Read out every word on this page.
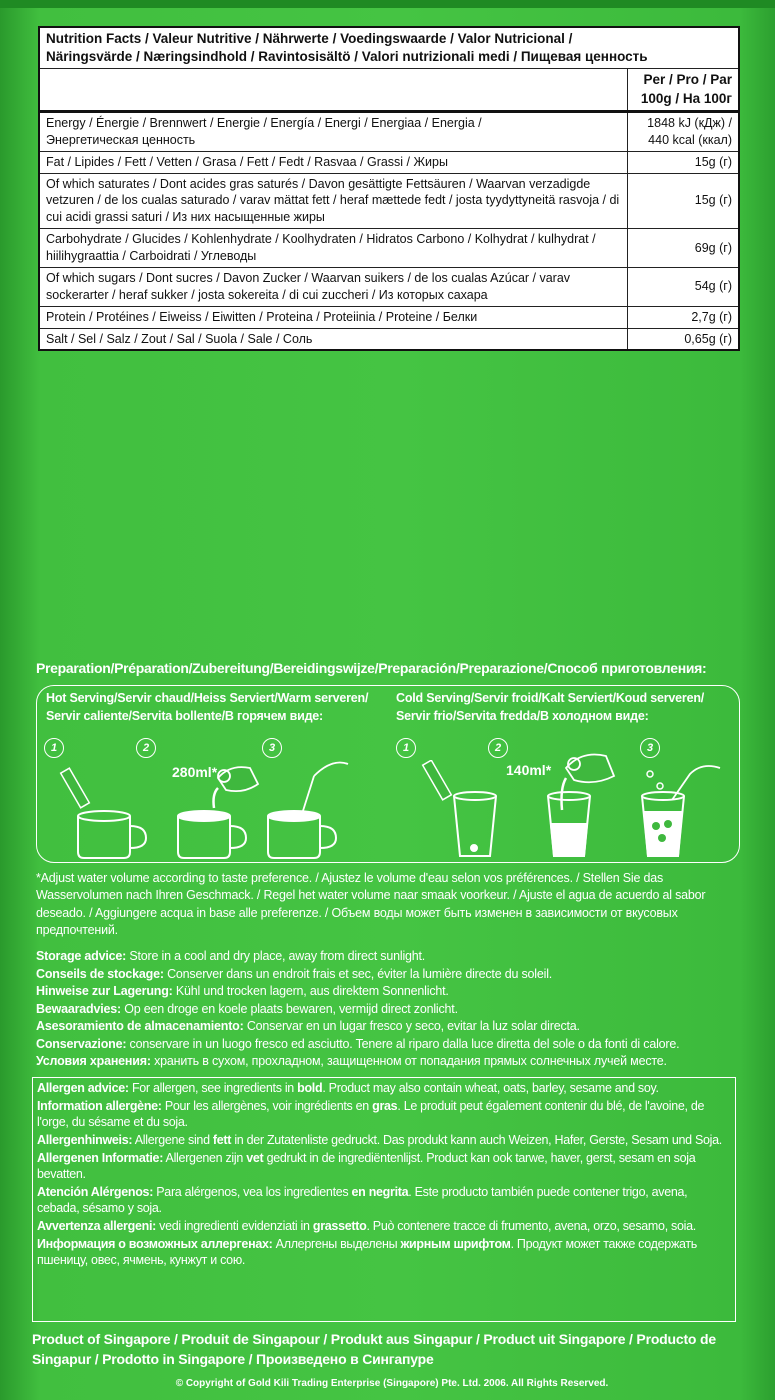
Nutrition Facts / Valeur Nutritive / Nährwerte / Voedingswaarde / Valor Nutricional /
Näringsvärde / Næringsindhold / Ravintosisältö / Valori nutrizionali medi / Пищевая ценность	

	Per / Pro / Par
100g / На 100г

Energy / Énergie / Brennwert / Energie / Energía / Energi / Energiaa / Energia / Энергетическая ценность	1848 kJ (кДж) / 440 kcal (ккал)
Fat / Lipides / Fett / Vetten / Grasa / Fett / Fedt / Rasvaa / Grassi / Жиры	15g (г)
Of which saturates / Dont acides gras saturés / Davon gesättigte Fettsäuren / Waarvan verzadigde vetzuren / de los cualas saturado / varav mättat fett / heraf mættede fedt / josta tyydyttyneitä rasvoja / di cui acidi grassi saturi / Из них насыщенные жиры	15g (г)
Carbohydrate / Glucides / Kohlenhydrate / Koolhydraten / Hidratos Carbono / Kolhydrat / kulhydrat / hiilihygraattia / Carboidrati / Углеводы	69g (г)
Of which sugars / Dont sucres / Davon Zucker / Waarvan suikers / de los cualas Azúcar / varav sockerarter / heraf sukker / josta sokereita / di cui zuccheri / Из которых сахара	54g (г)
Protein / Protéines / Eiweiss / Eiwitten / Proteina / Proteiinia / Proteine / Белки	2,7g (г)
Salt / Sel / Salz / Zout / Sal / Suola / Sale / Соль	0,65g (г)
Preparation/Préparation/Zubereitung/Bereidingswijze/Preparación/Preparazione/Способ приготовления:
Hot Serving/Servir chaud/Heiss Serviert/Warm serveren/
Servir caliente/Servita bollente/В горячем виде:
Cold Serving/Servir froid/Kalt Serviert/Koud serveren/
Servir frio/Servita fredda/В холодном виде:
1	2	3
280ml*
1	2	3
140ml*
*Adjust water volume according to taste preference. / Ajustez le volume d'eau selon vos préférences. / Stellen Sie das Wasservolumen nach Ihren Geschmack. / Regel het water volume naar smaak voorkeur. / Ajuste el agua de acuerdo al sabor deseado. / Aggiungere acqua in base alle preferenze. / Объем воды может быть изменен в зависимости от вкусовых предпочтений.
Storage advice: Store in a cool and dry place, away from direct sunlight.
Conseils de stockage: Conserver dans un endroit frais et sec, éviter la lumière directe du soleil.
Hinweise zur Lagerung: Kühl und trocken lagern, aus direktem Sonnenlicht.
Bewaaradvies: Op een droge en koele plaats bewaren, vermijd direct zonlicht.
Asesoramiento de almacenamiento: Conservar en un lugar fresco y seco, evitar la luz solar directa.
Conservazione: conservare in un luogo fresco ed asciutto. Tenere al riparo dalla luce diretta del sole o da fonti di calore.
Условия хранения: хранить в сухом, прохладном, защищенном от попадания прямых солнечных лучей месте.

Allergen advice: For allergen, see ingredients in bold. Product may also contain wheat, oats, barley, sesame and soy.

Information allergène: Pour les allergènes, voir ingrédients en gras. Le produit peut également contenir du blé, de l'avoine, de l'orge, du sésame et du soja.

Allergenhinweis: Allergene sind fett in der Zutatenliste gedruckt. Das produkt kann auch Weizen, Hafer, Gerste, Sesam und Soja.

Allergenen Informatie: Allergenen zijn vet gedrukt in de ingrediëntenlijst. Product kan ook tarwe, haver, gerst, sesam en soja bevatten.

Atención Alérgenos: Para alérgenos, vea los ingredientes en negrita. Este producto también puede contener trigo, avena, cebada, sésamo y soja.

Avvertenza allergeni: vedi ingredienti evidenziati in grassetto. Può contenere tracce di frumento, avena, orzo, sesamo, soia.

Информация о возможных аллергенах: Аллергены выделены жирным шрифтом. Продукт может также содержать пшеницу, овес, ячмень, кунжут и сою.

Product of Singapore / Produit de Singapour / Produkt aus Singapur / Product uit Singapore / Producto de Singapur / Prodotto in Singapore / Произведено в Сингапуре
© Copyright of Gold Kili Trading Enterprise (Singapore) Pte. Ltd. 2006. All Rights Reserved.
